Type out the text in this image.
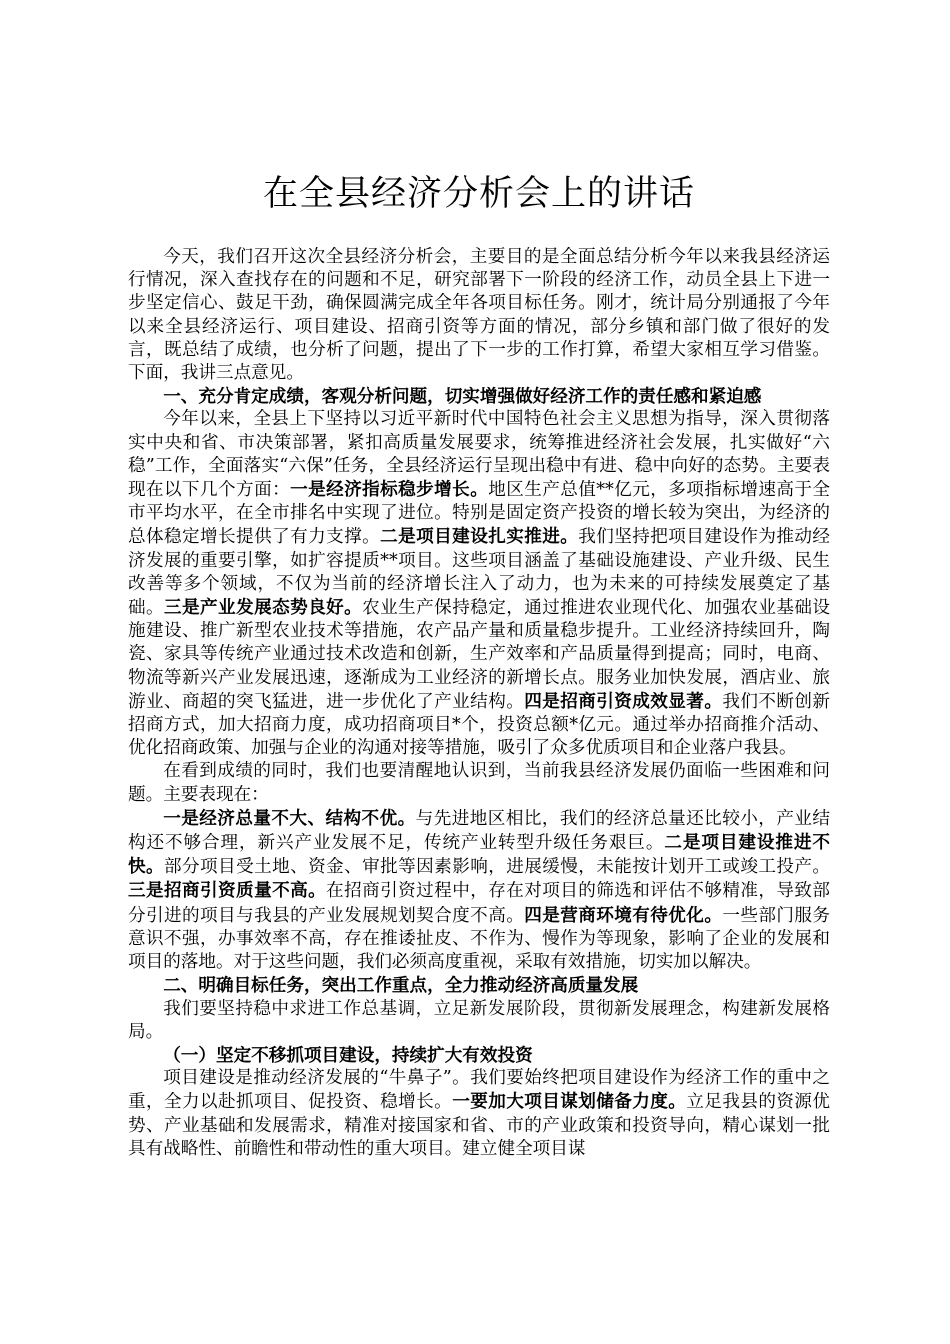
在全县经济分析会上的讲话

今天，我们召开这次全县经济分析会，主要目的是全面总结分析今年以来我县经济运行情况，深入查找存在的问题和不足，研究部署下一阶段的经济工作，动员全县上下进一步坚定信心、鼓足干劲，确保圆满完成全年各项目标任务。刚才，统计局分别通报了今年以来全县经济运行、项目建设、招商引资等方面的情况，部分乡镇和部门做了很好的发言，既总结了成绩，也分析了问题，提出了下一步的工作打算，希望大家相互学习借鉴。下面，我讲三点意见。

一、充分肯定成绩，客观分析问题，切实增强做好经济工作的责任感和紧迫感

今年以来，全县上下坚持以习近平新时代中国特色社会主义思想为指导，深入贯彻落实中央和省、市决策部署，紧扣高质量发展要求，统筹推进经济社会发展，扎实做好“六稳”工作，全面落实“六保”任务，全县经济运行呈现出稳中有进、稳中向好的态势。主要表现在以下几个方面：一是经济指标稳步增长。地区生产总值**亿元，多项指标增速高于全市平均水平，在全市排名中实现了进位。特别是固定资产投资的增长较为突出，为经济的总体稳定增长提供了有力支撑。二是项目建设扎实推进。我们坚持把项目建设作为推动经济发展的重要引擎，如扩容提质**项目。这些项目涵盖了基础设施建设、产业升级、民生改善等多个领域，不仅为当前的经济增长注入了动力，也为未来的可持续发展奠定了基础。三是产业发展态势良好。农业生产保持稳定，通过推进农业现代化、加强农业基础设施建设、推广新型农业技术等措施，农产品产量和质量稳步提升。工业经济持续回升，陶瓷、家具等传统产业通过技术改造和创新，生产效率和产品质量得到提高；同时，电商、物流等新兴产业发展迅速，逐渐成为工业经济的新增长点。服务业加快发展，酒店业、旅游业、商超的突飞猛进，进一步优化了产业结构。四是招商引资成效显著。我们不断创新招商方式，加大招商力度，成功招商项目*个，投资总额*亿元。通过举办招商推介活动、优化招商政策、加强与企业的沟通对接等措施，吸引了众多优质项目和企业落户我县。

在看到成绩的同时，我们也要清醒地认识到，当前我县经济发展仍面临一些困难和问题。主要表现在：

一是经济总量不大、结构不优。与先进地区相比，我们的经济总量还比较小，产业结构还不够合理，新兴产业发展不足，传统产业转型升级任务艰巨。二是项目建设推进不快。部分项目受土地、资金、审批等因素影响，进展缓慢，未能按计划开工或竣工投产。三是招商引资质量不高。在招商引资过程中，存在对项目的筛选和评估不够精准，导致部分引进的项目与我县的产业发展规划契合度不高。四是营商环境有待优化。一些部门服务意识不强，办事效率不高，存在推诿扯皮、不作为、慢作为等现象，影响了企业的发展和项目的落地。对于这些问题，我们必须高度重视，采取有效措施，切实加以解决。

二、明确目标任务，突出工作重点，全力推动经济高质量发展

我们要坚持稳中求进工作总基调，立足新发展阶段，贯彻新发展理念，构建新发展格局。

（一）坚定不移抓项目建设，持续扩大有效投资

项目建设是推动经济发展的“牛鼻子”。我们要始终把项目建设作为经济工作的重中之重，全力以赴抓项目、促投资、稳增长。一要加大项目谋划储备力度。立足我县的资源优势、产业基础和发展需求，精准对接国家和省、市的产业政策和投资导向，精心谋划一批具有战略性、前瞻性和带动性的重大项目。建立健全项目谋
